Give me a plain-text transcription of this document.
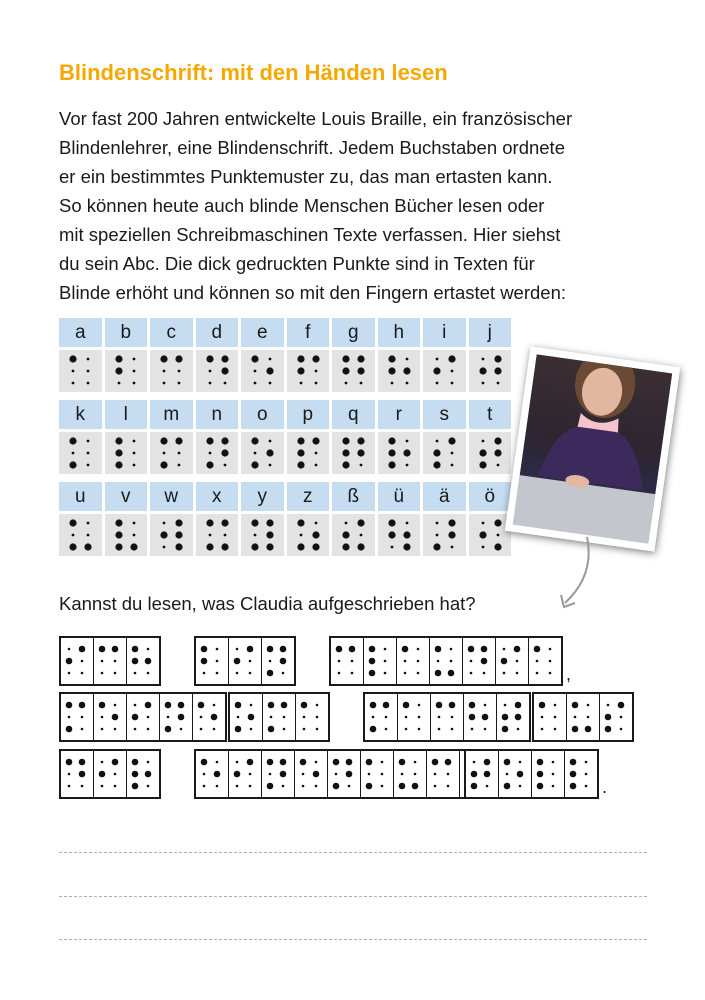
Blindenschrift: mit den Händen lesen
Vor fast 200 Jahren entwickelte Louis Braille, ein französischer
Blindenlehrer, eine Blindenschrift. Jedem Buchstaben ordnete
er ein bestimmtes Punktemuster zu, das man ertasten kann.
So können heute auch blinde Menschen Bücher lesen oder
mit speziellen Schreibmaschinen Texte verfassen. Hier siehst
du sein Abc. Die dick gedruckten Punkte sind in Texten für
Blinde erhöht und können so mit den Fingern ertastet werden:
a	b	c	d	e	f	g	h	i	j
k	l	m	n	o	p	q	r	s	t
u	v	w	x	y	z	ß	ü	ä	ö
Kannst du lesen, was Claudia aufgeschrieben hat?
,
.
